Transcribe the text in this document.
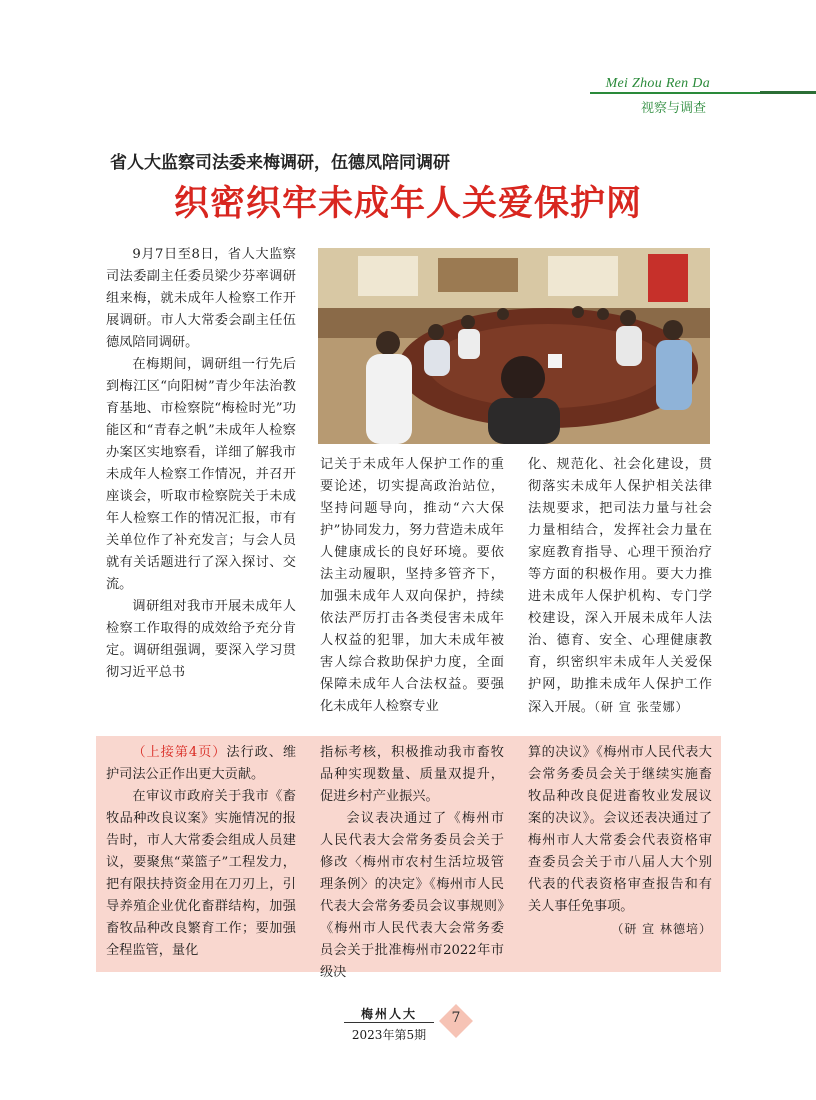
Mei Zhou Ren Da
视察与调查
省人大监察司法委来梅调研，伍德凤陪同调研
织密织牢未成年人关爱保护网

9月7日至8日，省人大监察司法委副主任委员梁少芬率调研组来梅，就未成年人检察工作开展调研。市人大常委会副主任伍德凤陪同调研。

在梅期间，调研组一行先后到梅江区“向阳树”青少年法治教育基地、市检察院“梅检时光”功能区和“青春之帆”未成年人检察办案区实地察看，详细了解我市未成年人检察工作情况，并召开座谈会，听取市检察院关于未成年人检察工作的情况汇报，市有关单位作了补充发言；与会人员就有关话题进行了深入探讨、交流。

调研组对我市开展未成年人检察工作取得的成效给予充分肯定。调研组强调，要深入学习贯彻习近平总书

记关于未成年人保护工作的重要论述，切实提高政治站位，坚持问题导向，推动“六大保护”协同发力，努力营造未成年人健康成长的良好环境。要依法主动履职，坚持多管齐下，加强未成年人双向保护，持续依法严厉打击各类侵害未成年人权益的犯罪，加大未成年被害人综合救助保护力度，全面保障未成年人合法权益。要强化未成年人检察专业

化、规范化、社会化建设，贯彻落实未成年人保护相关法律法规要求，把司法力量与社会力量相结合，发挥社会力量在家庭教育指导、心理干预治疗等方面的积极作用。要大力推进未成年人保护机构、专门学校建设，深入开展未成年人法治、德育、安全、心理健康教育，织密织牢未成年人关爱保护网，助推未成年人保护工作深入开展。（研 宣 张莹娜）

（上接第4页）法行政、维护司法公正作出更大贡献。

在审议市政府关于我市《畜牧品种改良议案》实施情况的报告时，市人大常委会组成人员建议，要聚焦“菜篮子”工程发力，把有限扶持资金用在刀刃上，引导养殖企业优化畜群结构，加强畜牧品种改良繁育工作；要加强全程监管，量化

指标考核，积极推动我市畜牧品种实现数量、质量双提升，促进乡村产业振兴。

会议表决通过了《梅州市人民代表大会常务委员会关于修改〈梅州市农村生活垃圾管理条例〉的决定》《梅州市人民代表大会常务委员会议事规则》《梅州市人民代表大会常务委员会关于批准梅州市2022年市级决

算的决议》《梅州市人民代表大会常务委员会关于继续实施畜牧品种改良促进畜牧业发展议案的决议》。会议还表决通过了梅州市人大常委会代表资格审查委员会关于市八届人大个别代表的代表资格审查报告和有关人事任免事项。

（研 宣 林德培）

梅州人大
2023年第5期
7
